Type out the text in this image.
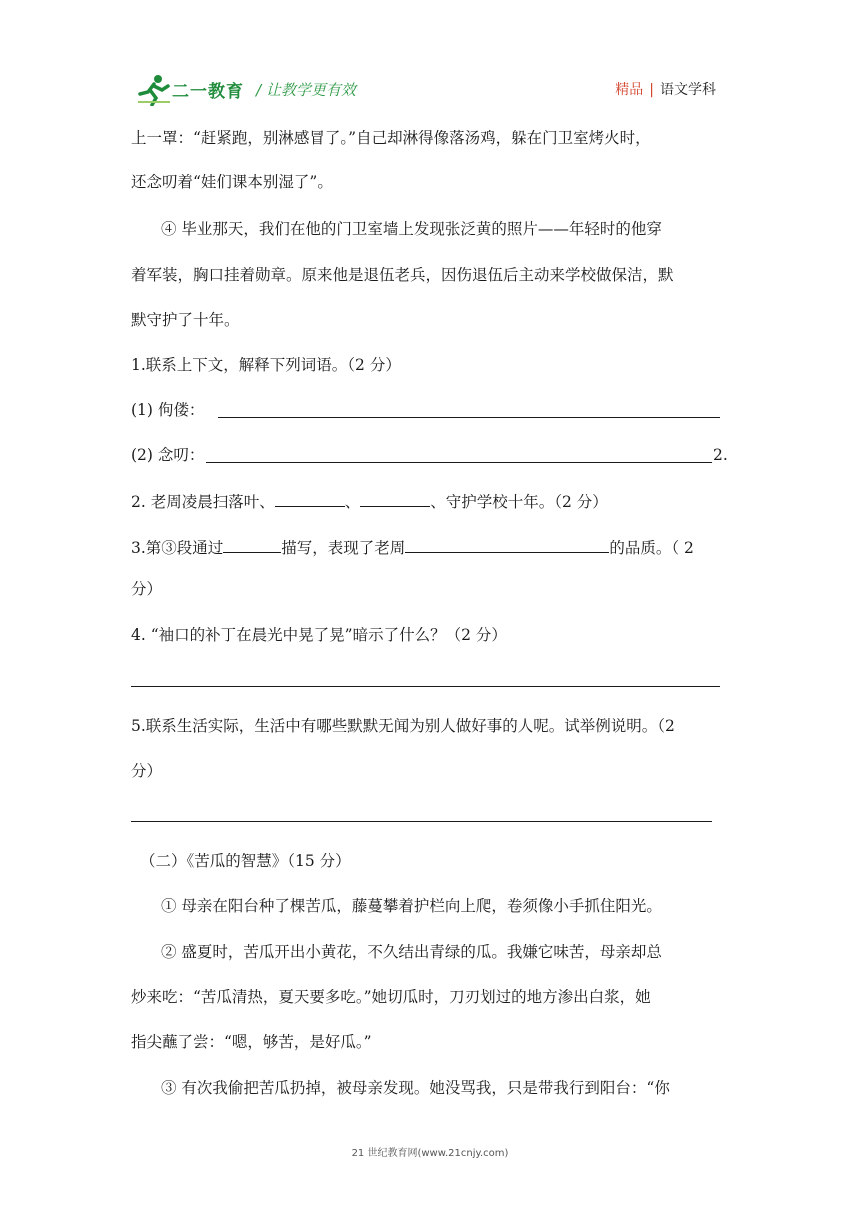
二一教育 / 让教学更有效	精品 | 语文学科
上一罩：“赶紧跑，别淋感冒了。”自己却淋得像落汤鸡，躲在门卫室烤火时，
还念叨着“娃们课本别湿了”。
④ 毕业那天，我们在他的门卫室墙上发现张泛黄的照片——年轻时的他穿
着军装，胸口挂着勋章。原来他是退伍老兵，因伤退伍后主动来学校做保洁，默
默守护了十年。
1.联系上下文，解释下列词语。（2 分）
(1) 佝偻：
(2) 念叨：	2.
2. 老周凌晨扫落叶、	、	、守护学校十年。（2 分）
3.第③段通过	描写，表现了老周	的品质。（ 2
分）
4. “袖口的补丁在晨光中晃了晃”暗示了什么？（2 分）
5.联系生活实际，生活中有哪些默默无闻为别人做好事的人呢。试举例说明。（2
分）
（二）《苦瓜的智慧》（15 分）
① 母亲在阳台种了棵苦瓜，藤蔓攀着护栏向上爬，卷须像小手抓住阳光。
② 盛夏时，苦瓜开出小黄花，不久结出青绿的瓜。我嫌它味苦，母亲却总
炒来吃：“苦瓜清热，夏天要多吃。”她切瓜时，刀刃划过的地方渗出白浆，她
指尖蘸了尝：“嗯，够苦，是好瓜。”
③ 有次我偷把苦瓜扔掉，被母亲发现。她没骂我，只是带我行到阳台：“你
21 世纪教育网(www.21cnjy.com)
